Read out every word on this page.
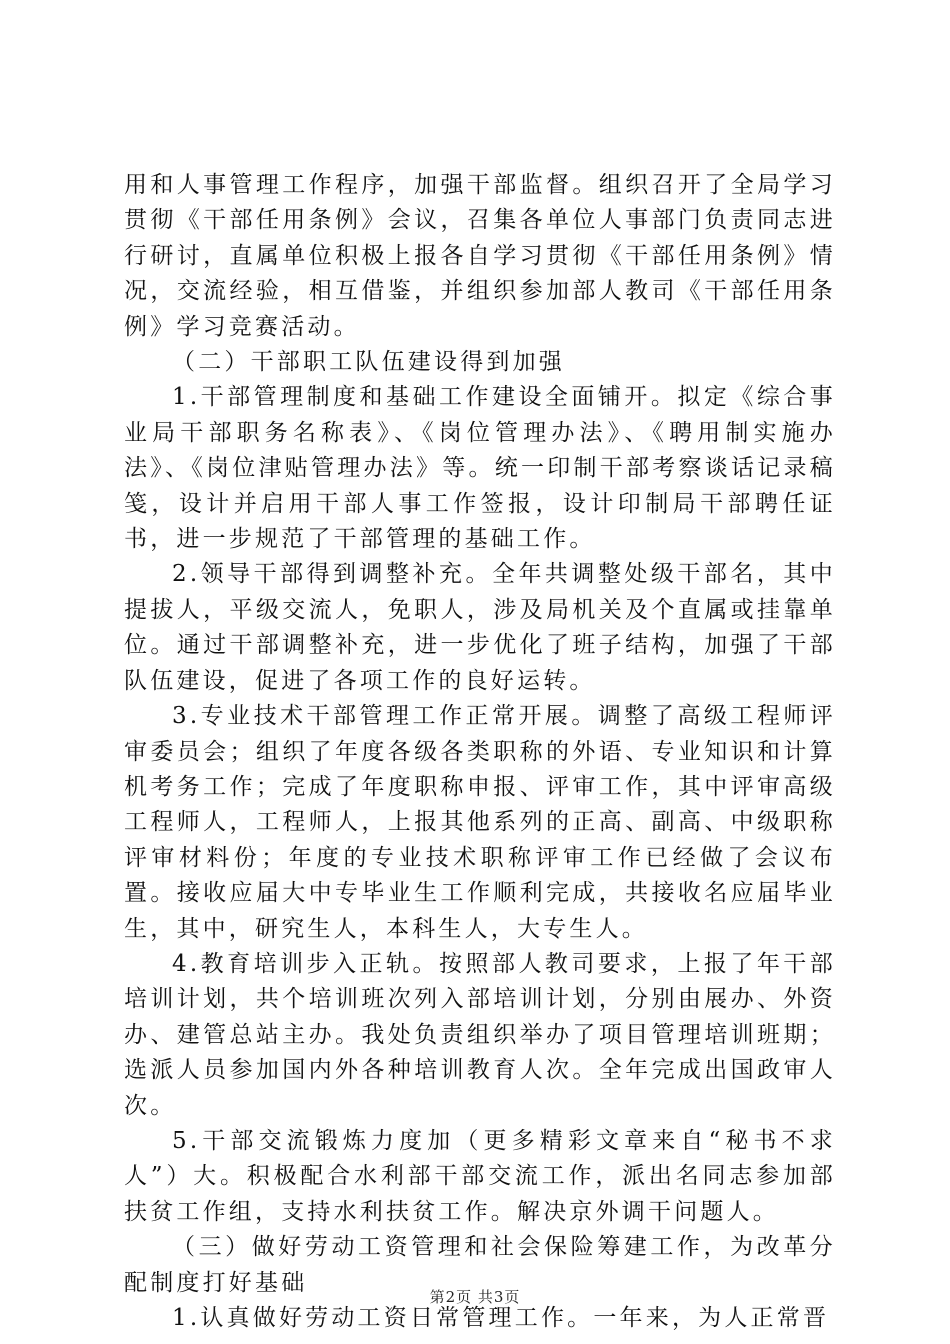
用和人事管理工作程序，加强干部监督。组织召开了全局学习贯彻《干部任用条例》会议，召集各单位人事部门负责同志进行研讨，直属单位积极上报各自学习贯彻《干部任用条例》情况，交流经验，相互借鉴，并组织参加部人教司《干部任用条例》学习竞赛活动。

（二）干部职工队伍建设得到加强

1.干部管理制度和基础工作建设全面铺开。拟定《综合事业局干部职务名称表》、《岗位管理办法》、《聘用制实施办法》、《岗位津贴管理办法》等。统一印制干部考察谈话记录稿笺，设计并启用干部人事工作签报，设计印制局干部聘任证书，进一步规范了干部管理的基础工作。

2.领导干部得到调整补充。全年共调整处级干部名，其中提拔人，平级交流人，免职人，涉及局机关及个直属或挂靠单位。通过干部调整补充，进一步优化了班子结构，加强了干部队伍建设，促进了各项工作的良好运转。

3.专业技术干部管理工作正常开展。调整了高级工程师评审委员会；组织了年度各级各类职称的外语、专业知识和计算机考务工作；完成了年度职称申报、评审工作，其中评审高级工程师人，工程师人，上报其他系列的正高、副高、中级职称评审材料份；年度的专业技术职称评审工作已经做了会议布置。接收应届大中专毕业生工作顺利完成，共接收名应届毕业生，其中，研究生人，本科生人，大专生人。

4.教育培训步入正轨。按照部人教司要求，上报了年干部培训计划，共个培训班次列入部培训计划，分别由展办、外资办、建管总站主办。我处负责组织举办了项目管理培训班期；选派人员参加国内外各种培训教育人次。全年完成出国政审人次。

5.干部交流锻炼力度加（更多精彩文章来自“秘书不求人”）大。积极配合水利部干部交流工作，派出名同志参加部扶贫工作组，支持水利扶贫工作。解决京外调干问题人。

（三）做好劳动工资管理和社会保险筹建工作，为改革分配制度打好基础

1.认真做好劳动工资日常管理工作。一年来，为人正常晋

第2页 共3页
